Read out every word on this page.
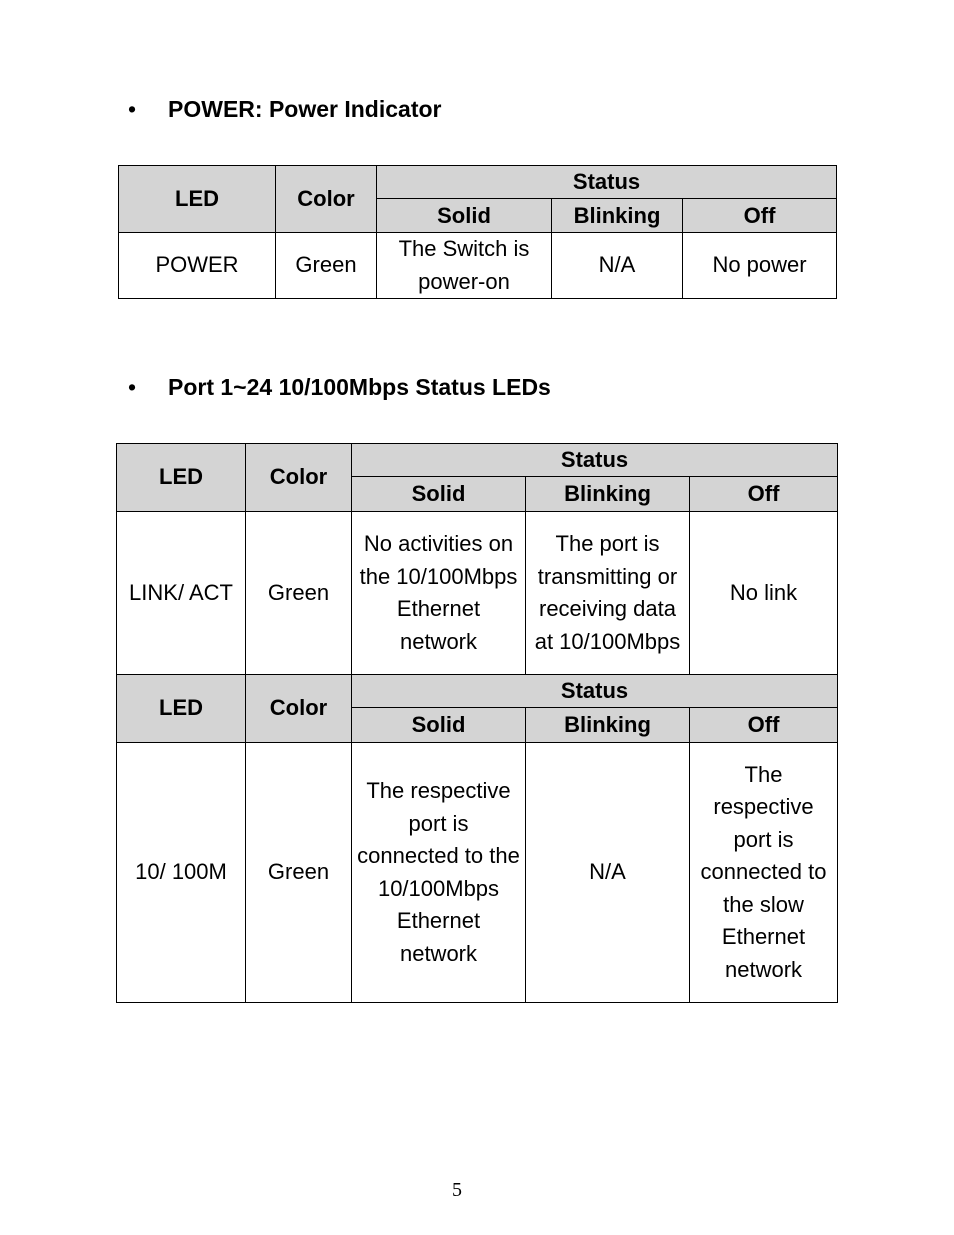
• POWER: Power Indicator
LED	Color	Status		
		Solid	Blinking	Off
POWER	Green	The Switch is power-on	N/A	No power
• Port 1~24 10/100Mbps Status LEDs
LED	Color	Status		
		Solid	Blinking	Off
LINK/ ACT	Green	No activities on the 10/100Mbps Ethernet network	The port is transmitting or receiving data at 10/100Mbps	No link
LED	Color	Status		
		Solid	Blinking	Off
10/ 100M	Green	The respective port is connected to the 10/100Mbps Ethernet network	N/A	The respective port is connected to the slow Ethernet network
5
